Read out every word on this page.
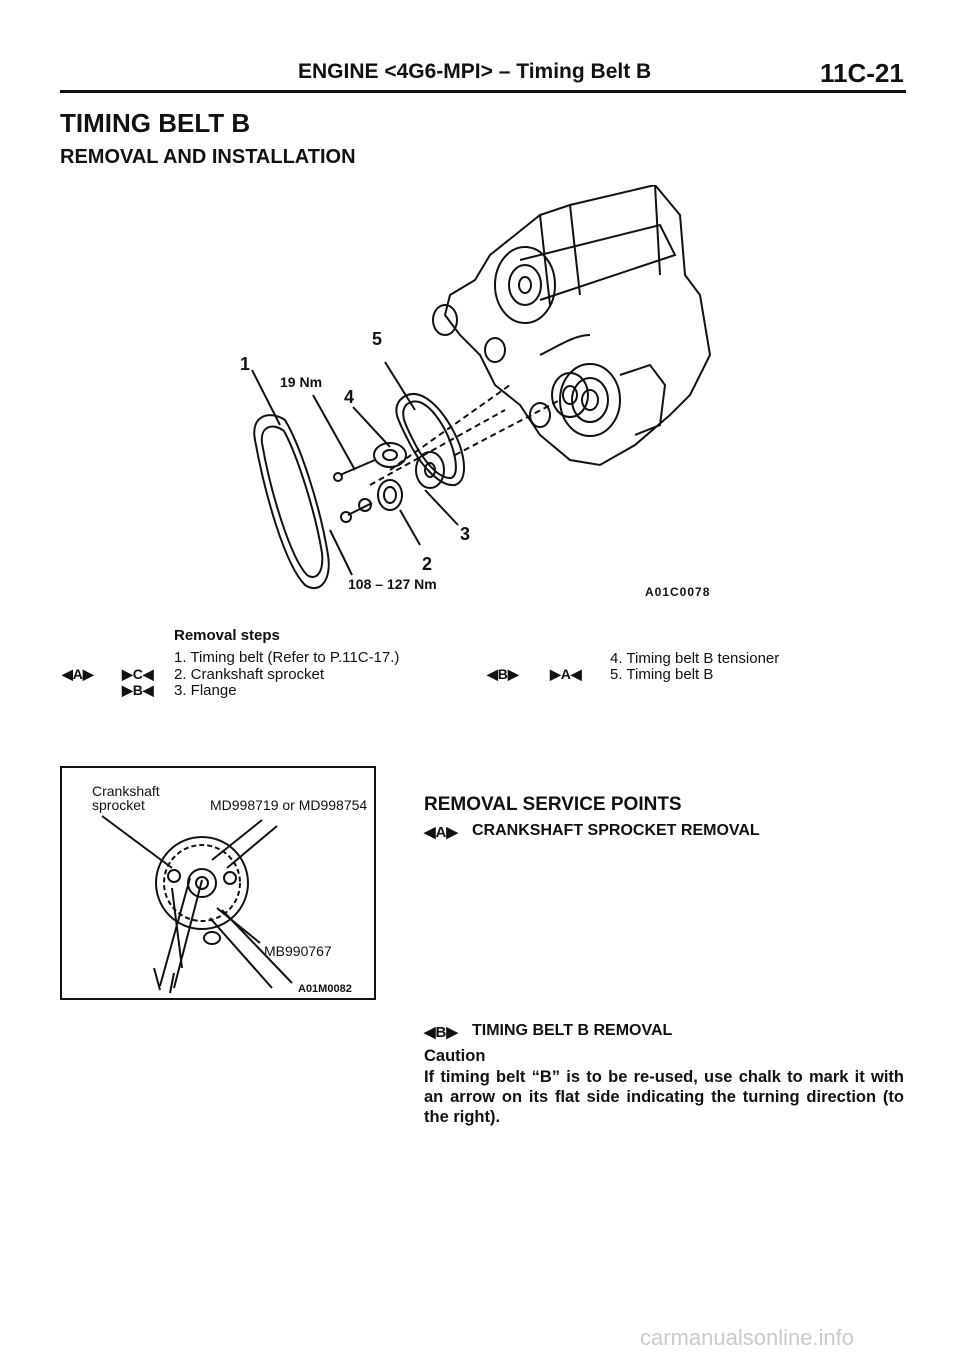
ENGINE <4G6-MPI> – Timing Belt B	11C-21
TIMING BELT B
REMOVAL AND INSTALLATION
1
2
3
4
5
19 Nm
108 – 127 Nm	A01C0078
Removal steps
1. Timing belt (Refer to P.11C-17.)
◀A▶ ▶C◀ 2. Crankshaft sprocket
▶B◀ 3. Flange
4. Timing belt B tensioner
◀B▶ ▶A◀ 5. Timing belt B
Crankshaft
sprocket	MD998719 or MD998754
MB990767
A01M0082
REMOVAL SERVICE POINTS
◀A▶ CRANKSHAFT SPROCKET REMOVAL
◀B▶ TIMING BELT B REMOVAL
Caution
If timing belt “B” is to be re-used, use chalk to mark it with an arrow on its flat side indicating the turning direction (to the right).
carmanualsonline.info
